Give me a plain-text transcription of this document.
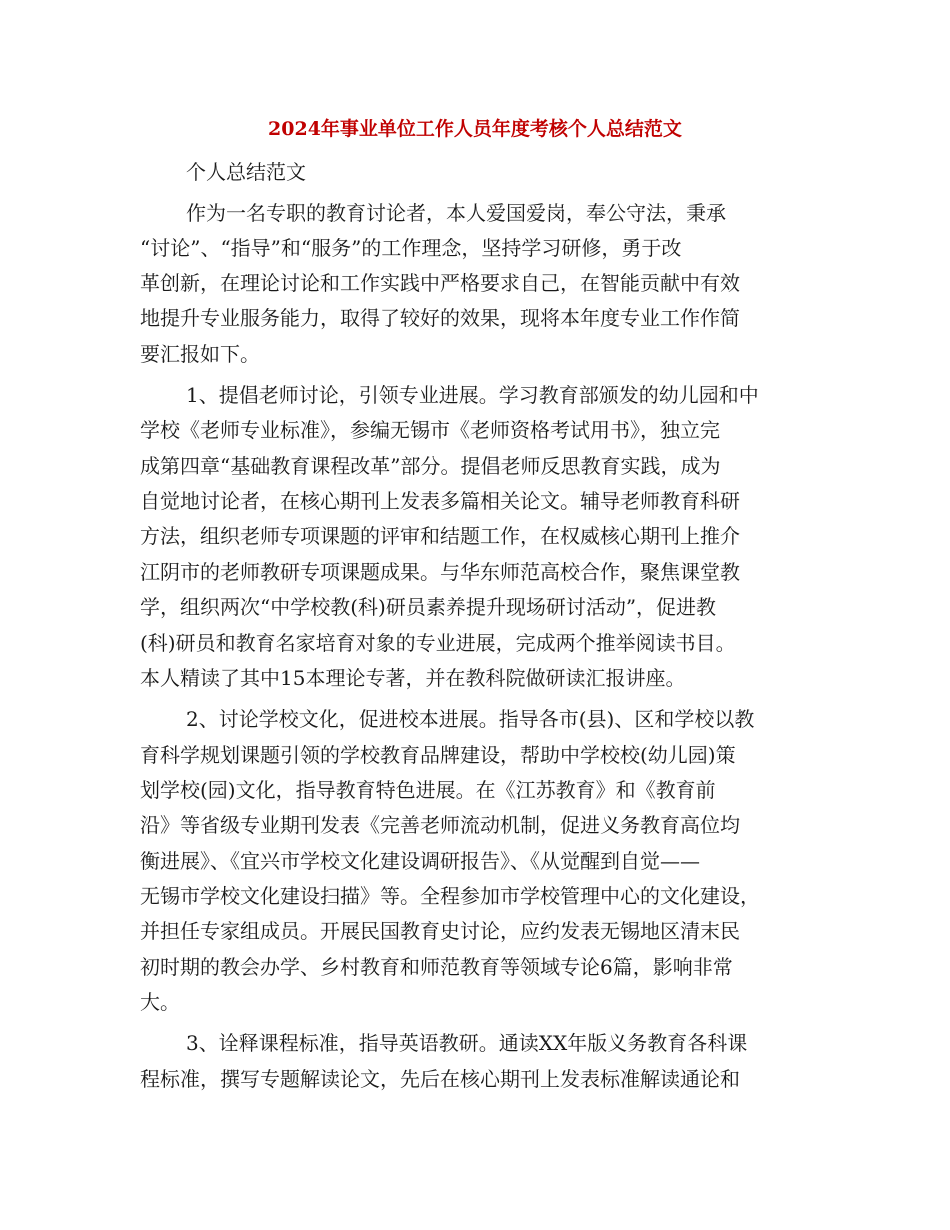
2024年事业单位工作人员年度考核个人总结范文
个人总结范文
作为一名专职的教育讨论者，本人爱国爱岗，奉公守法，秉承
“讨论”、“指导”和“服务”的工作理念，坚持学习研修，勇于改
革创新，在理论讨论和工作实践中严格要求自己，在智能贡献中有效
地提升专业服务能力，取得了较好的效果，现将本年度专业工作作简
要汇报如下。
1、提倡老师讨论，引领专业进展。学习教育部颁发的幼儿园和中
学校《老师专业标准》，参编无锡市《老师资格考试用书》，独立完
成第四章“基础教育课程改革”部分。提倡老师反思教育实践，成为
自觉地讨论者，在核心期刊上发表多篇相关论文。辅导老师教育科研
方法，组织老师专项课题的评审和结题工作，在权威核心期刊上推介
江阴市的老师教研专项课题成果。与华东师范高校合作，聚焦课堂教
学，组织两次“中学校教(科)研员素养提升现场研讨活动”，促进教
(科)研员和教育名家培育对象的专业进展，完成两个推举阅读书目。
本人精读了其中15本理论专著，并在教科院做研读汇报讲座。
2、讨论学校文化，促进校本进展。指导各市(县)、区和学校以教
育科学规划课题引领的学校教育品牌建设，帮助中学校校(幼儿园)策
划学校(园)文化，指导教育特色进展。在《江苏教育》和《教育前
沿》等省级专业期刊发表《完善老师流动机制，促进义务教育高位均
衡进展》、《宜兴市学校文化建设调研报告》、《从觉醒到自觉——
无锡市学校文化建设扫描》等。全程参加市学校管理中心的文化建设，
并担任专家组成员。开展民国教育史讨论，应约发表无锡地区清末民
初时期的教会办学、乡村教育和师范教育等领域专论6篇，影响非常
大。
3、诠释课程标准，指导英语教研。通读XX年版义务教育各科课
程标准，撰写专题解读论文，先后在核心期刊上发表标准解读通论和
